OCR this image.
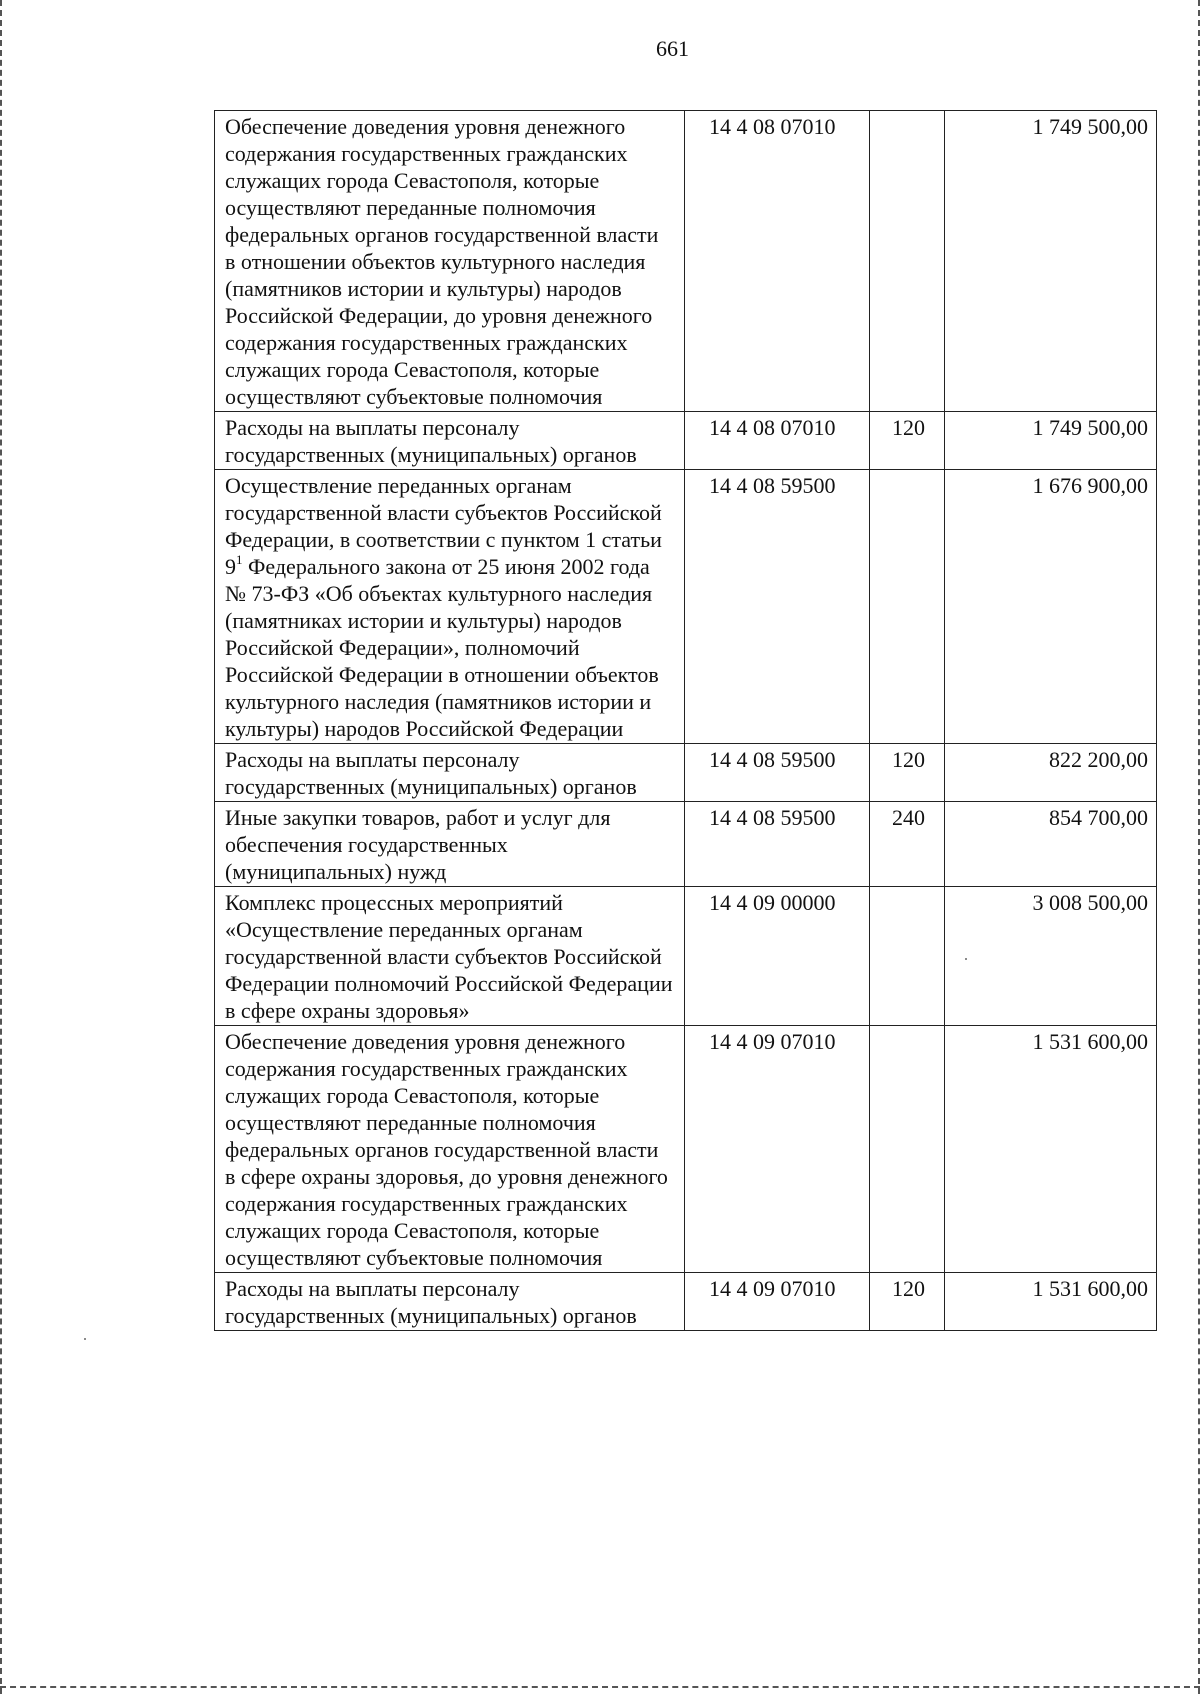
661
Обеспечение доведения уровня денежного содержания государственных гражданских служащих города Севастополя, которые осуществляют переданные полномочия федеральных органов государственной власти в отношении объектов культурного наследия (памятников истории и культуры) народов Российской Федерации, до уровня денежного содержания государственных гражданских служащих города Севастополя, которые осуществляют субъектовые полномочия	14 4 08 07010		1 749 500,00
Расходы на выплаты персоналу государственных (муниципальных) органов	14 4 08 07010	120	1 749 500,00
Осуществление переданных органам государственной власти субъектов Российской Федерации, в соответствии с пунктом 1 статьи $9^1$ Федерального закона от 25 июня 2002 года № 73-ФЗ «Об объектах культурного наследия (памятниках истории и культуры) народов Российской Федерации», полномочий Российской Федерации в отношении объектов культурного наследия (памятников истории и культуры) народов Российской Федерации	14 4 08 59500		1 676 900,00
Расходы на выплаты персоналу государственных (муниципальных) органов	14 4 08 59500	120	822 200,00
Иные закупки товаров, работ и услуг для обеспечения государственных (муниципальных) нужд	14 4 08 59500	240	854 700,00
Комплекс процессных мероприятий «Осуществление переданных органам государственной власти субъектов Российской Федерации полномочий Российской Федерации в сфере охраны здоровья»	14 4 09 00000		3 008 500,00
Обеспечение доведения уровня денежного содержания государственных гражданских служащих города Севастополя, которые осуществляют переданные полномочия федеральных органов государственной власти в сфере охраны здоровья, до уровня денежного содержания государственных гражданских служащих города Севастополя, которые осуществляют субъектовые полномочия	14 4 09 07010		1 531 600,00
Расходы на выплаты персоналу государственных (муниципальных) органов	14 4 09 07010	120	1 531 600,00
